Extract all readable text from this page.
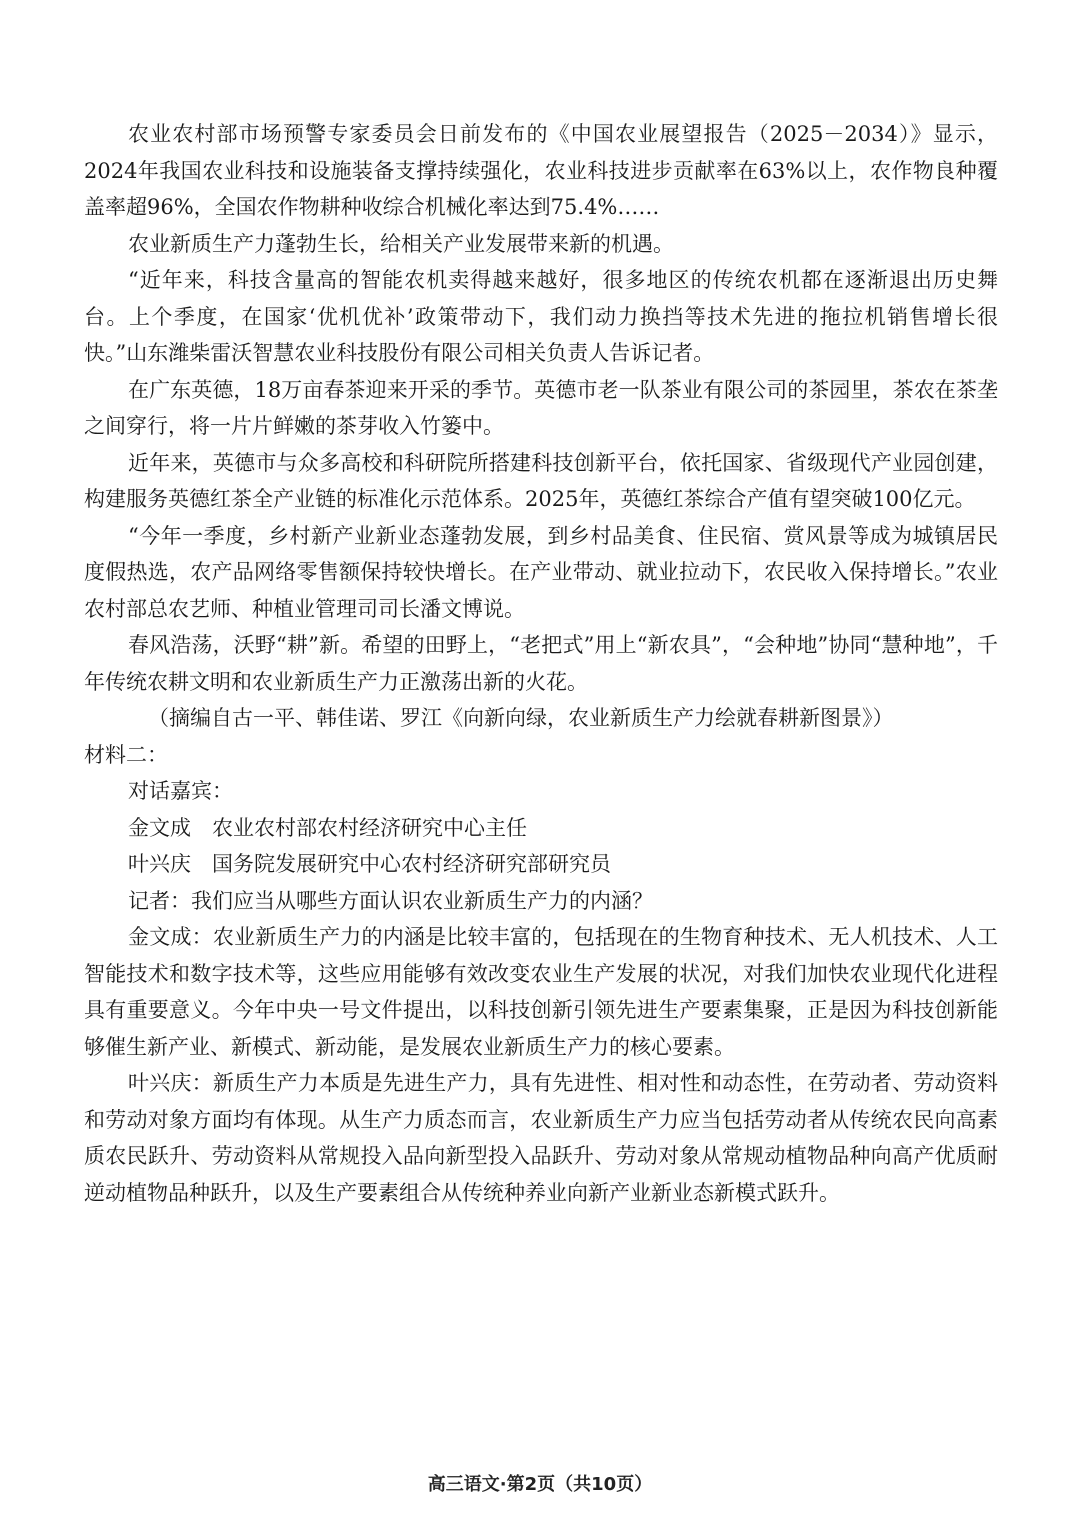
农业农村部市场预警专家委员会日前发布的《中国农业展望报告（2025－2034）》显示，2024年我国农业科技和设施装备支撑持续强化，农业科技进步贡献率在63%以上，农作物良种覆盖率超96%，全国农作物耕种收综合机械化率达到75.4%……

农业新质生产力蓬勃生长，给相关产业发展带来新的机遇。

“近年来，科技含量高的智能农机卖得越来越好，很多地区的传统农机都在逐渐退出历史舞台。上个季度，在国家‘优机优补’政策带动下，我们动力换挡等技术先进的拖拉机销售增长很快。”山东潍柴雷沃智慧农业科技股份有限公司相关负责人告诉记者。

在广东英德，18万亩春茶迎来开采的季节。英德市老一队茶业有限公司的茶园里，茶农在茶垄之间穿行，将一片片鲜嫩的茶芽收入竹篓中。

近年来，英德市与众多高校和科研院所搭建科技创新平台，依托国家、省级现代产业园创建，构建服务英德红茶全产业链的标准化示范体系。2025年，英德红茶综合产值有望突破100亿元。

“今年一季度，乡村新产业新业态蓬勃发展，到乡村品美食、住民宿、赏风景等成为城镇居民度假热选，农产品网络零售额保持较快增长。在产业带动、就业拉动下，农民收入保持增长。”农业农村部总农艺师、种植业管理司司长潘文博说。

春风浩荡，沃野“耕”新。希望的田野上，“老把式”用上“新农具”，“会种地”协同“慧种地”，千年传统农耕文明和农业新质生产力正激荡出新的火花。

（摘编自古一平、韩佳诺、罗江《向新向绿，农业新质生产力绘就春耕新图景》）

材料二：

对话嘉宾：

金文成　农业农村部农村经济研究中心主任

叶兴庆　国务院发展研究中心农村经济研究部研究员

记者：我们应当从哪些方面认识农业新质生产力的内涵？

金文成：农业新质生产力的内涵是比较丰富的，包括现在的生物育种技术、无人机技术、人工智能技术和数字技术等，这些应用能够有效改变农业生产发展的状况，对我们加快农业现代化进程具有重要意义。今年中央一号文件提出，以科技创新引领先进生产要素集聚，正是因为科技创新能够催生新产业、新模式、新动能，是发展农业新质生产力的核心要素。

叶兴庆：新质生产力本质是先进生产力，具有先进性、相对性和动态性，在劳动者、劳动资料和劳动对象方面均有体现。从生产力质态而言，农业新质生产力应当包括劳动者从传统农民向高素质农民跃升、劳动资料从常规投入品向新型投入品跃升、劳动对象从常规动植物品种向高产优质耐逆动植物品种跃升，以及生产要素组合从传统种养业向新产业新业态新模式跃升。

高三语文·第2页（共10页）
